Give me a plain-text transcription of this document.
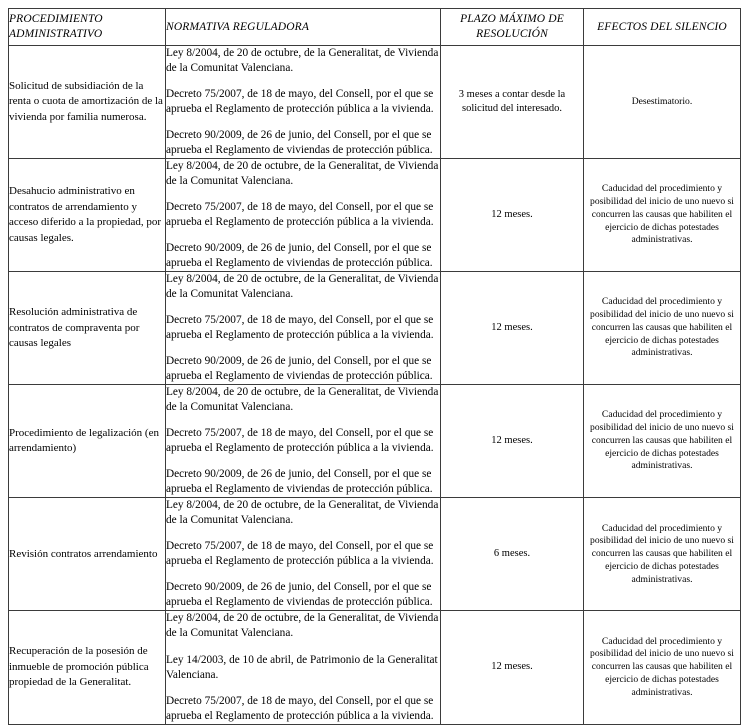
PROCEDIMIENTO ADMINISTRATIVO	NORMATIVA REGULADORA	PLAZO MÁXIMO DE RESOLUCIÓN	EFECTOS DEL SILENCIO
Solicitud de subsidiación de la renta o cuota de amortización de la vivienda por familia numerosa.	Ley 8/2004, de 20 de octubre, de la Generalitat, de Vivienda de la Comunitat Valenciana.

Decreto 75/2007, de 18 de mayo, del Consell, por el que se aprueba el Reglamento de protección pública a la vivienda.

Decreto 90/2009, de 26 de junio, del Consell, por el que se aprueba el Reglamento de viviendas de protección pública.	3 meses a contar desde la solicitud del interesado.	Desestimatorio.
Desahucio administrativo en contratos de arrendamiento y acceso diferido a la propiedad, por causas legales.	Ley 8/2004, de 20 de octubre, de la Generalitat, de Vivienda de la Comunitat Valenciana.

Decreto 75/2007, de 18 de mayo, del Consell, por el que se aprueba el Reglamento de protección pública a la vivienda.

Decreto 90/2009, de 26 de junio, del Consell, por el que se aprueba el Reglamento de viviendas de protección pública.	12 meses.	Caducidad del procedimiento y posibilidad del inicio de uno nuevo si concurren las causas que habiliten el ejercicio de dichas potestades administrativas.
Resolución administrativa de contratos de compraventa por causas legales	Ley 8/2004, de 20 de octubre, de la Generalitat, de Vivienda de la Comunitat Valenciana.

Decreto 75/2007, de 18 de mayo, del Consell, por el que se aprueba el Reglamento de protección pública a la vivienda.

Decreto 90/2009, de 26 de junio, del Consell, por el que se aprueba el Reglamento de viviendas de protección pública.	12 meses.	Caducidad del procedimiento y posibilidad del inicio de uno nuevo si concurren las causas que habiliten el ejercicio de dichas potestades administrativas.
Procedimiento de legalización (en arrendamiento)	Ley 8/2004, de 20 de octubre, de la Generalitat, de Vivienda de la Comunitat Valenciana.

Decreto 75/2007, de 18 de mayo, del Consell, por el que se aprueba el Reglamento de protección pública a la vivienda.

Decreto 90/2009, de 26 de junio, del Consell, por el que se aprueba el Reglamento de viviendas de protección pública.	12 meses.	Caducidad del procedimiento y posibilidad del inicio de uno nuevo si concurren las causas que habiliten el ejercicio de dichas potestades administrativas.
Revisión contratos arrendamiento	Ley 8/2004, de 20 de octubre, de la Generalitat, de Vivienda de la Comunitat Valenciana.

Decreto 75/2007, de 18 de mayo, del Consell, por el que se aprueba el Reglamento de protección pública a la vivienda.

Decreto 90/2009, de 26 de junio, del Consell, por el que se aprueba el Reglamento de viviendas de protección pública.	6 meses.	Caducidad del procedimiento y posibilidad del inicio de uno nuevo si concurren las causas que habiliten el ejercicio de dichas potestades administrativas.
Recuperación de la posesión de inmueble de promoción pública propiedad de la Generalitat.	Ley 8/2004, de 20 de octubre, de la Generalitat, de Vivienda de la Comunitat Valenciana.

Ley 14/2003, de 10 de abril, de Patrimonio de la Generalitat Valenciana.

Decreto 75/2007, de 18 de mayo, del Consell, por el que se aprueba el Reglamento de protección pública a la vivienda.	12 meses.	Caducidad del procedimiento y posibilidad del inicio de uno nuevo si concurren las causas que habiliten el ejercicio de dichas potestades administrativas.
